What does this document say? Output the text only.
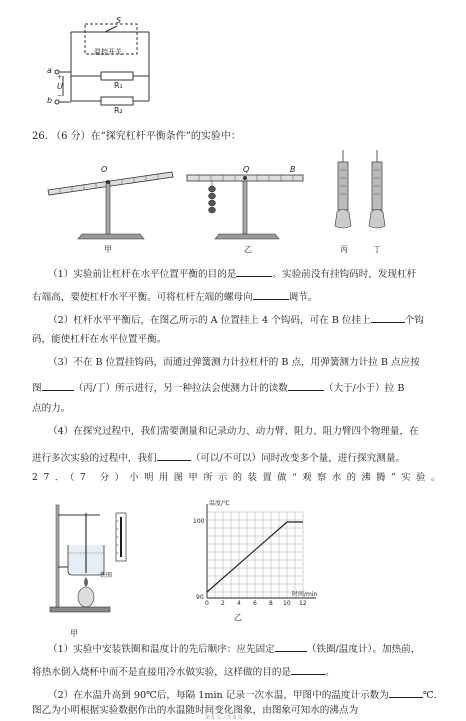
S
温控开关
R₁
R₂
a
b
+
U
−
26. （6 分）在“探究杠杆平衡条件”的实验中：
O
甲
Q	B
乙	丙	丁
（1）实验前让杠杆在水平位置平衡的目的是	。实验前没有挂钩码时，发现杠杆
右端高，要使杠杆水平平衡。可将杠杆左端的螺母向	调节。
（2）杠杆水平平衡后，在图乙所示的 A 位置挂上 4 个钩码，可在 B 位挂上	个钩
码，能使杠杆在水平位置平衡。
（3）不在 B 位置挂钩码，而通过弹簧测力计拉杠杆的 B 点，用弹簧测力计拉 B 点应按
图	（丙/丁）所示进行，另一种拉法会使测力计的读数	（大于/小于）拉 B
点的力。
（4）在探究过程中，我们需要测量和记录动力、动力臂、阻力、阻力臂四个物理量，在
进行多次实验的过程中，我们	（可以/不可以）同时改变多个量，进行探究测量。
27．（7 分）小明用图甲所示的装置做“观察水的沸腾”实验。
铁圈
甲
温度/℃
时间/min
100
90
0 2 4 6 8 10 12
乙
（1）实验中安装铁圈和温度计的先后顺序：应先固定	（铁圈/温度计）。加热前，
将热水倒入烧杯中而不是直接用冷水做实验，这样做的目的是	。
（2）在水温升高到 90℃后，每隔 1min 记录一次水温，甲图中的温度计示数为	℃.
图乙为小明根据实验数据作出的水温随时间变化图象，由图象可知水的沸点为
第 5 页（共 8 页）
